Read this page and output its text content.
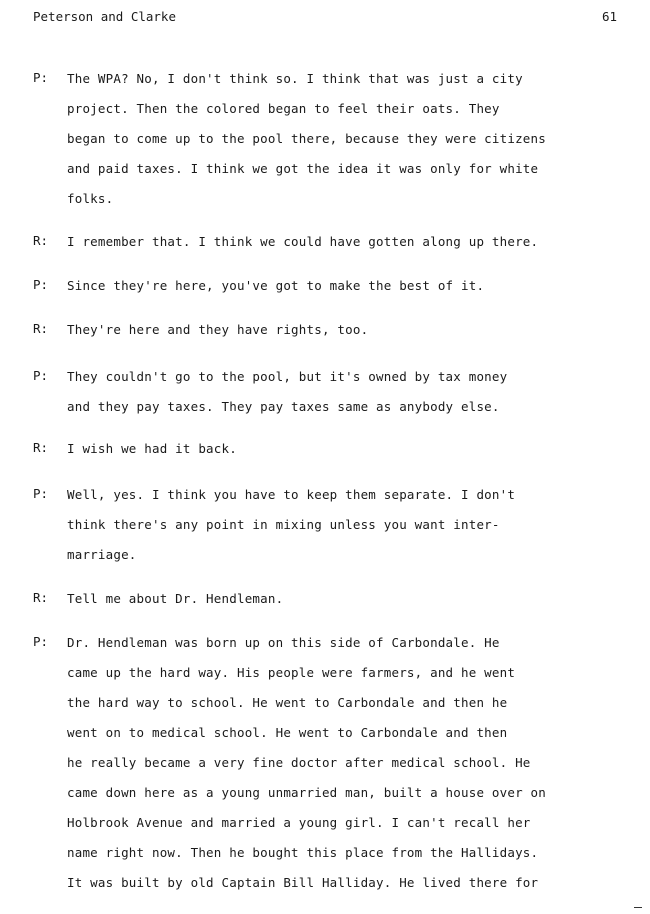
Peterson and Clarke	61
P:	The WPA? No, I don't think so. I think that was just a city
project. Then the colored began to feel their oats. They
began to come up to the pool there, because they were citizens
and paid taxes. I think we got the idea it was only for white
folks.
R:	I remember that. I think we could have gotten along up there.
P:	Since they're here, you've got to make the best of it.
R:	They're here and they have rights, too.
P:	They couldn't go to the pool, but it's owned by tax money
and they pay taxes. They pay taxes same as anybody else.
R:	I wish we had it back.
P:	Well, yes. I think you have to keep them separate. I don't
think there's any point in mixing unless you want inter-
marriage.
R:	Tell me about Dr. Hendleman.
P:	Dr. Hendleman was born up on this side of Carbondale. He
came up the hard way. His people were farmers, and he went
the hard way to school. He went to Carbondale and then he
went on to medical school. He went to Carbondale and then
he really became a very fine doctor after medical school. He
came down here as a young unmarried man, built a house over on
Holbrook Avenue and married a young girl. I can't recall her
name right now. Then he bought this place from the Hallidays.
It was built by old Captain Bill Halliday. He lived there for
